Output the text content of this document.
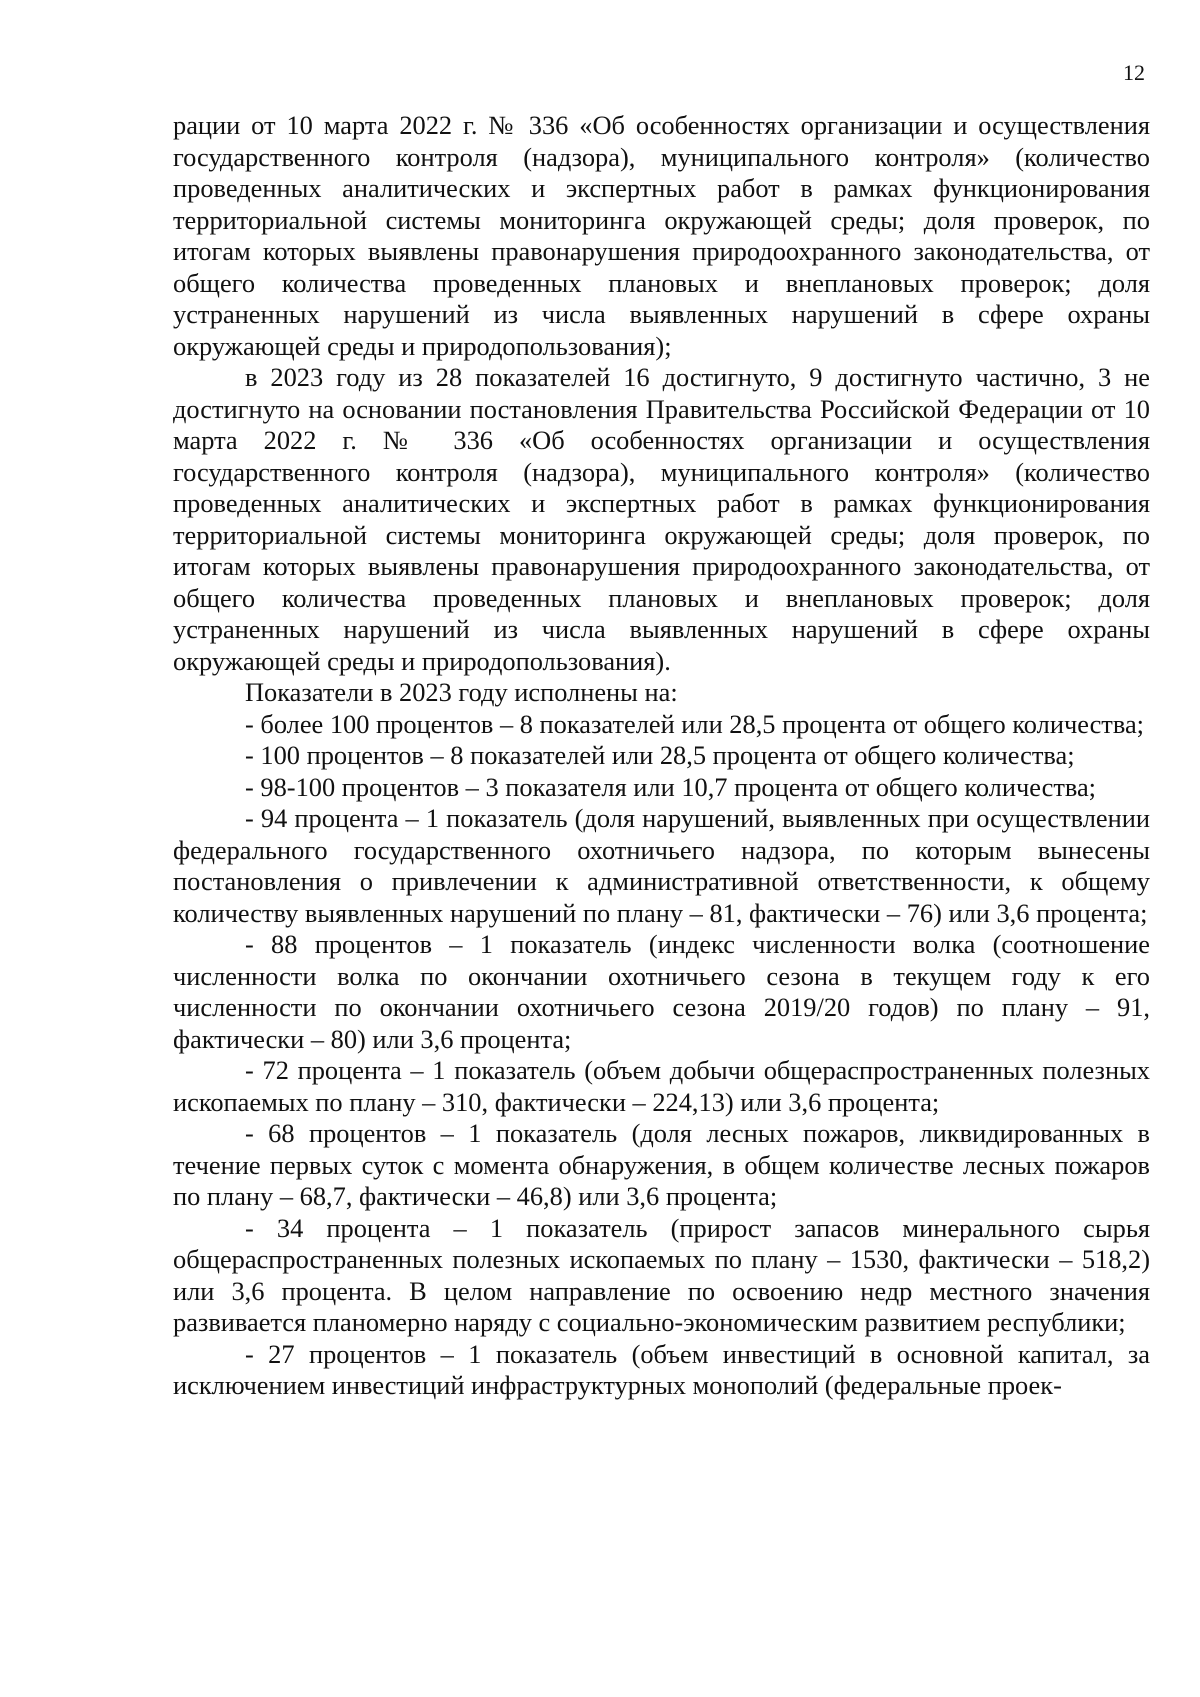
12

рации от 10 марта 2022 г. № 336 «Об особенностях организации и осуществления государственного контроля (надзора), муниципального контроля» (количество проведенных аналитических и экспертных работ в рамках функционирования территориальной системы мониторинга окружающей среды; доля проверок, по итогам которых выявлены правонарушения природоохранного законодательства, от общего количества проведенных плановых и внеплановых проверок; доля устраненных нарушений из числа выявленных нарушений в сфере охраны окружающей среды и природопользования);

в 2023 году из 28 показателей 16 достигнуто, 9 достигнуто частично, 3 не достигнуто на основании постановления Правительства Российской Федерации от 10 марта 2022 г. № 336 «Об особенностях организации и осуществления государственного контроля (надзора), муниципального контроля» (количество проведенных аналитических и экспертных работ в рамках функционирования территориальной системы мониторинга окружающей среды; доля проверок, по итогам которых выявлены правонарушения природоохранного законодательства, от общего количества проведенных плановых и внеплановых проверок; доля устраненных нарушений из числа выявленных нарушений в сфере охраны окружающей среды и природопользования).

Показатели в 2023 году исполнены на:

- более 100 процентов – 8 показателей или 28,5 процента от общего количества;

- 100 процентов – 8 показателей или 28,5 процента от общего количества;

- 98-100 процентов – 3 показателя или 10,7 процента от общего количества;

- 94 процента – 1 показатель (доля нарушений, выявленных при осуществлении федерального государственного охотничьего надзора, по которым вынесены постановления о привлечении к административной ответственности, к общему количеству выявленных нарушений по плану – 81, фактически – 76) или 3,6 процента;

- 88 процентов – 1 показатель (индекс численности волка (соотношение численности волка по окончании охотничьего сезона в текущем году к его численности по окончании охотничьего сезона 2019/20 годов) по плану – 91, фактически – 80) или 3,6 процента;

- 72 процента – 1 показатель (объем добычи общераспространенных полезных ископаемых по плану – 310, фактически – 224,13) или 3,6 процента;

- 68 процентов – 1 показатель (доля лесных пожаров, ликвидированных в течение первых суток с момента обнаружения, в общем количестве лесных пожаров по плану – 68,7, фактически – 46,8) или 3,6 процента;

- 34 процента – 1 показатель (прирост запасов минерального сырья общераспространенных полезных ископаемых по плану – 1530, фактически – 518,2) или 3,6 процента. В целом направление по освоению недр местного значения развивается планомерно наряду с социально-экономическим развитием республики;

- 27 процентов – 1 показатель (объем инвестиций в основной капитал, за исключением инвестиций инфраструктурных монополий (федеральные проек-
